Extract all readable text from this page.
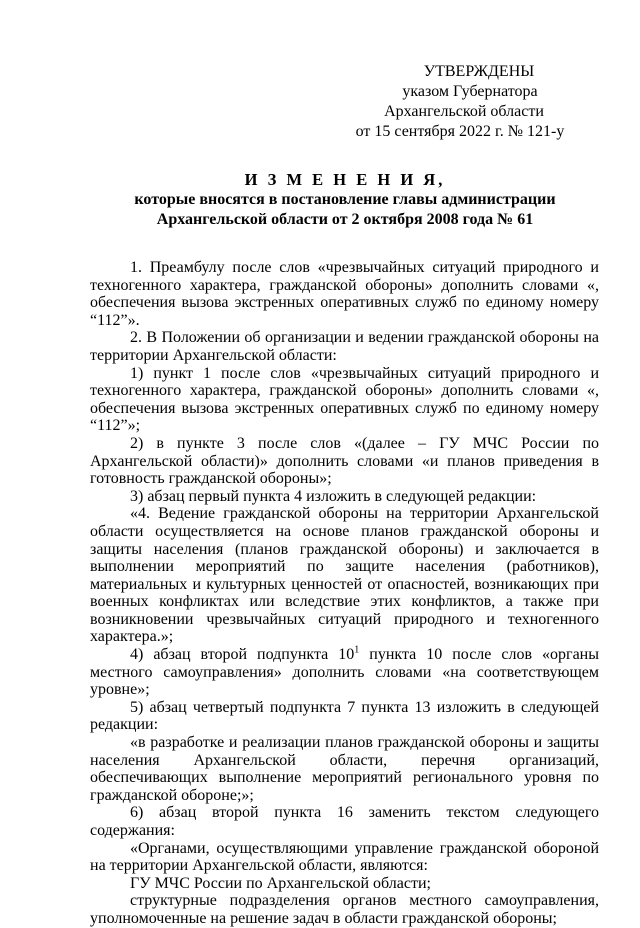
УТВЕРЖДЕНЫ
указом Губернатора
Архангельской области
от 15 сентября 2022 г. № 121-у
И З М Е Н Е Н И Я,
которые вносятся в постановление главы администрации
Архангельской области от 2 октября 2008 года № 61

1. Преамбулу после слов «чрезвычайных ситуаций природного и техногенного характера, гражданской обороны» дополнить словами «, обеспечения вызова экстренных оперативных служб по единому номеру “112”».

2. В Положении об организации и ведении гражданской обороны на территории Архангельской области:

1) пункт 1 после слов «чрезвычайных ситуаций природного и техногенного характера, гражданской обороны» дополнить словами «, обеспечения вызова экстренных оперативных служб по единому номеру “112”»;

2) в пункте 3 после слов «(далее – ГУ МЧС России по Архангельской области)» дополнить словами «и планов приведения в готовность гражданской обороны»;

3) абзац первый пункта 4 изложить в следующей редакции:

«4. Ведение гражданской обороны на территории Архангельской области осуществляется на основе планов гражданской обороны и защиты населения (планов гражданской обороны) и заключается в выполнении мероприятий по защите населения (работников), материальных и культурных ценностей от опасностей, возникающих при военных конфликтах или вследствие этих конфликтов, а также при возникновении чрезвычайных ситуаций природного и техногенного характера.»;

4) абзац второй подпункта $10^1$ пункта 10 после слов «органы местного самоуправления» дополнить словами «на соответствующем уровне»;

5) абзац четвертый подпункта 7 пункта 13 изложить в следующей редакции:

«в разработке и реализации планов гражданской обороны и защиты населения Архангельской области, перечня организаций, обеспечивающих выполнение мероприятий регионального уровня по гражданской обороне;»;

6) абзац второй пункта 16 заменить текстом следующего содержания:

«Органами, осуществляющими управление гражданской обороной на территории Архангельской области, являются:

ГУ МЧС России по Архангельской области;

структурные подразделения органов местного самоуправления, уполномоченные на решение задач в области гражданской обороны;
